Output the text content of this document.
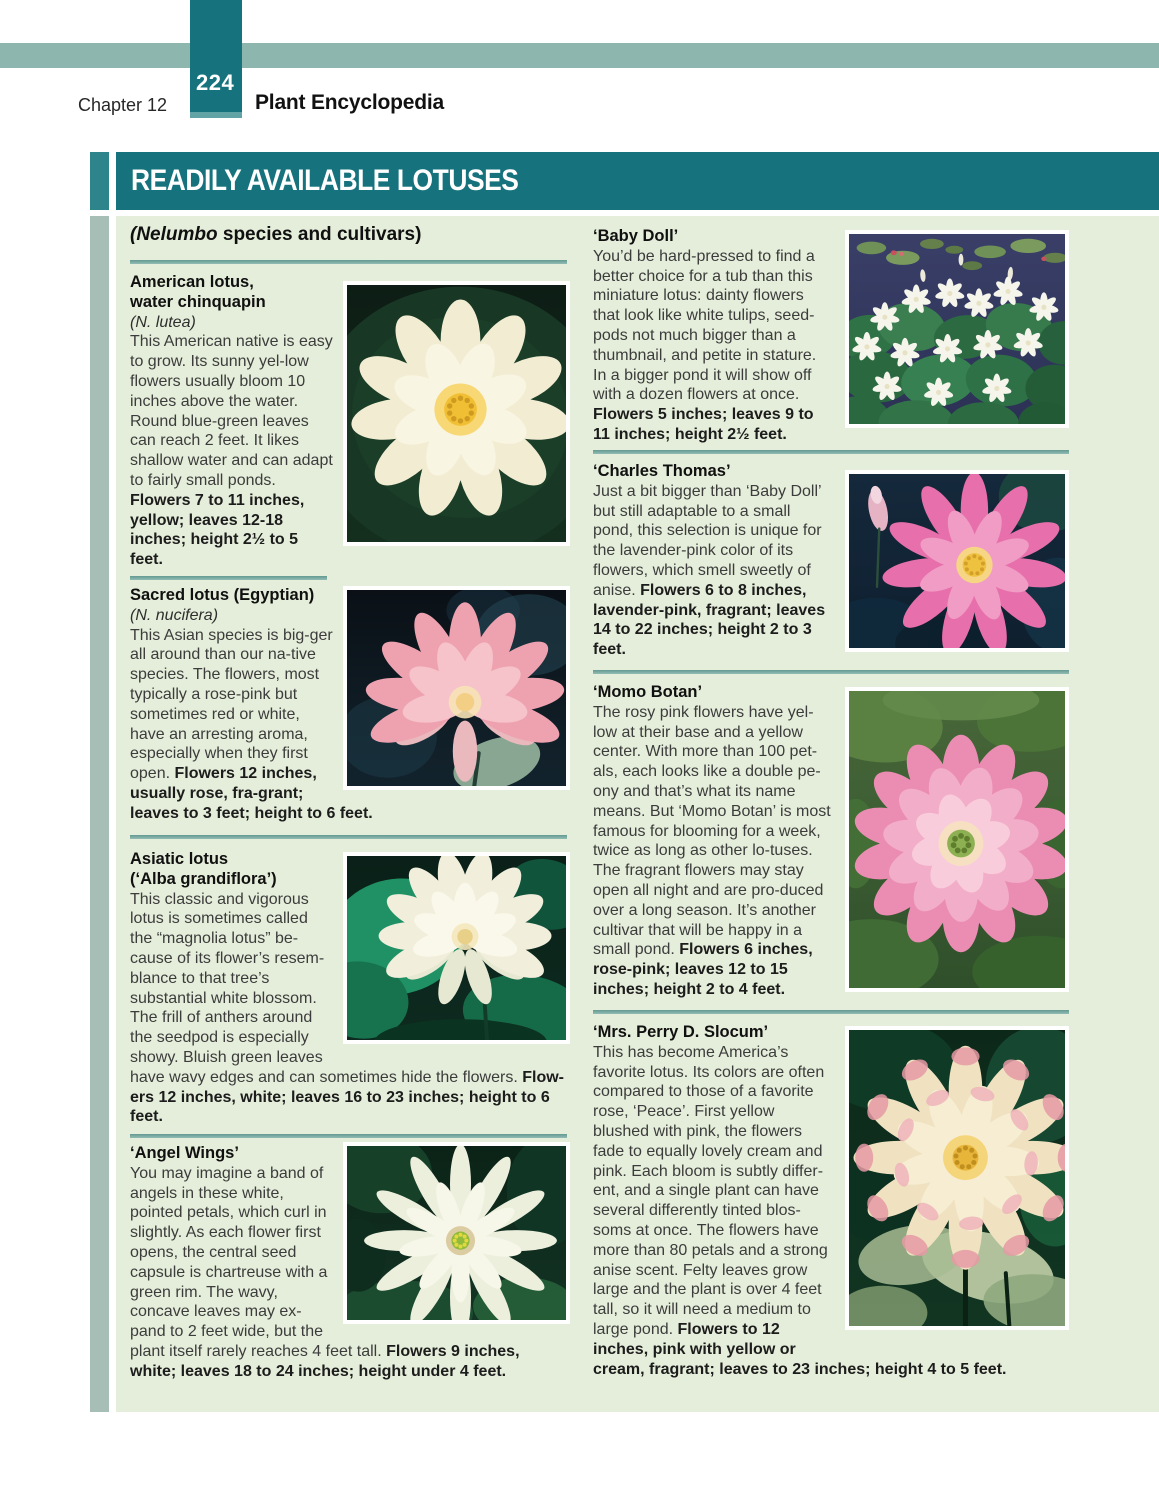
224
Chapter 12	Plant Encyclopedia
READILY AVAILABLE LOTUSES
(Nelumbo species and cultivars)
American lotus,
water chinquapin
(N. lutea)

This American native is easy to grow. Its sunny yel-low flowers usually bloom 10 inches above the water. Round blue-green leaves can reach 2 feet. It likes shallow water and can adapt to fairly small ponds. Flowers 7 to 11 inches, yellow; leaves 12-18 inches; height 2½ to 5 feet.

Sacred lotus (Egyptian)
(N. nucifera)

This Asian species is big-ger all around than our na-tive species. The flowers, most typically a rose-pink but sometimes red or white, have an arresting aroma, especially when they first open. Flowers 12 inches, usually rose, fra-grant; leaves to 3 feet; height to 6 feet.

Asiatic lotus
(‘Alba grandiflora’)

This classic and vigorous lotus is sometimes called the “magnolia lotus” be-cause of its flower’s resem-blance to that tree’s substantial white blossom. The frill of anthers around the seedpod is especially showy. Bluish green leaves have wavy edges and can sometimes hide the flowers. Flow-ers 12 inches, white; leaves 16 to 23 inches; height to 6 feet.

‘Angel Wings’

You may imagine a band of angels in these white, pointed petals, which curl in slightly. As each flower first opens, the central seed capsule is chartreuse with a green rim. The wavy, concave leaves may ex-pand to 2 feet wide, but the plant itself rarely reaches 4 feet tall. Flowers 9 inches, white; leaves 18 to 24 inches; height under 4 feet.

‘Baby Doll’

You’d be hard-pressed to find a better choice for a tub than this miniature lotus: dainty flowers that look like white tulips, seed-pods not much bigger than a thumbnail, and petite in stature. In a bigger pond it will show off with a dozen flowers at once. Flowers 5 inches; leaves 9 to 11 inches; height 2½ feet.

‘Charles Thomas’

Just a bit bigger than ‘Baby Doll’ but still adaptable to a small pond, this selection is unique for the lavender-pink color of its flowers, which smell sweetly of anise. Flowers 6 to 8 inches, lavender-pink, fragrant; leaves 14 to 22 inches; height 2 to 3 feet.

‘Momo Botan’

The rosy pink flowers have yel-low at their base and a yellow center. With more than 100 pet-als, each looks like a double pe-ony and that’s what its name means. But ‘Momo Botan’ is most famous for blooming for a week, twice as long as other lo-tuses. The fragrant flowers may stay open all night and are pro-duced over a long season. It’s another cultivar that will be happy in a small pond. Flowers 6 inches, rose-pink; leaves 12 to 15 inches; height 2 to 4 feet.

‘Mrs. Perry D. Slocum’

This has become America’s favorite lotus. Its colors are often compared to those of a favorite rose, ‘Peace’. First yellow blushed with pink, the flowers fade to equally lovely cream and pink. Each bloom is subtly differ-ent, and a single plant can have several differently tinted blos-soms at once. The flowers have more than 80 petals and a strong anise scent. Felty leaves grow large and the plant is over 4 feet tall, so it will need a medium to large pond. Flowers to 12 inches, pink with yellow or cream, fragrant; leaves to 23 inches; height 4 to 5 feet.
